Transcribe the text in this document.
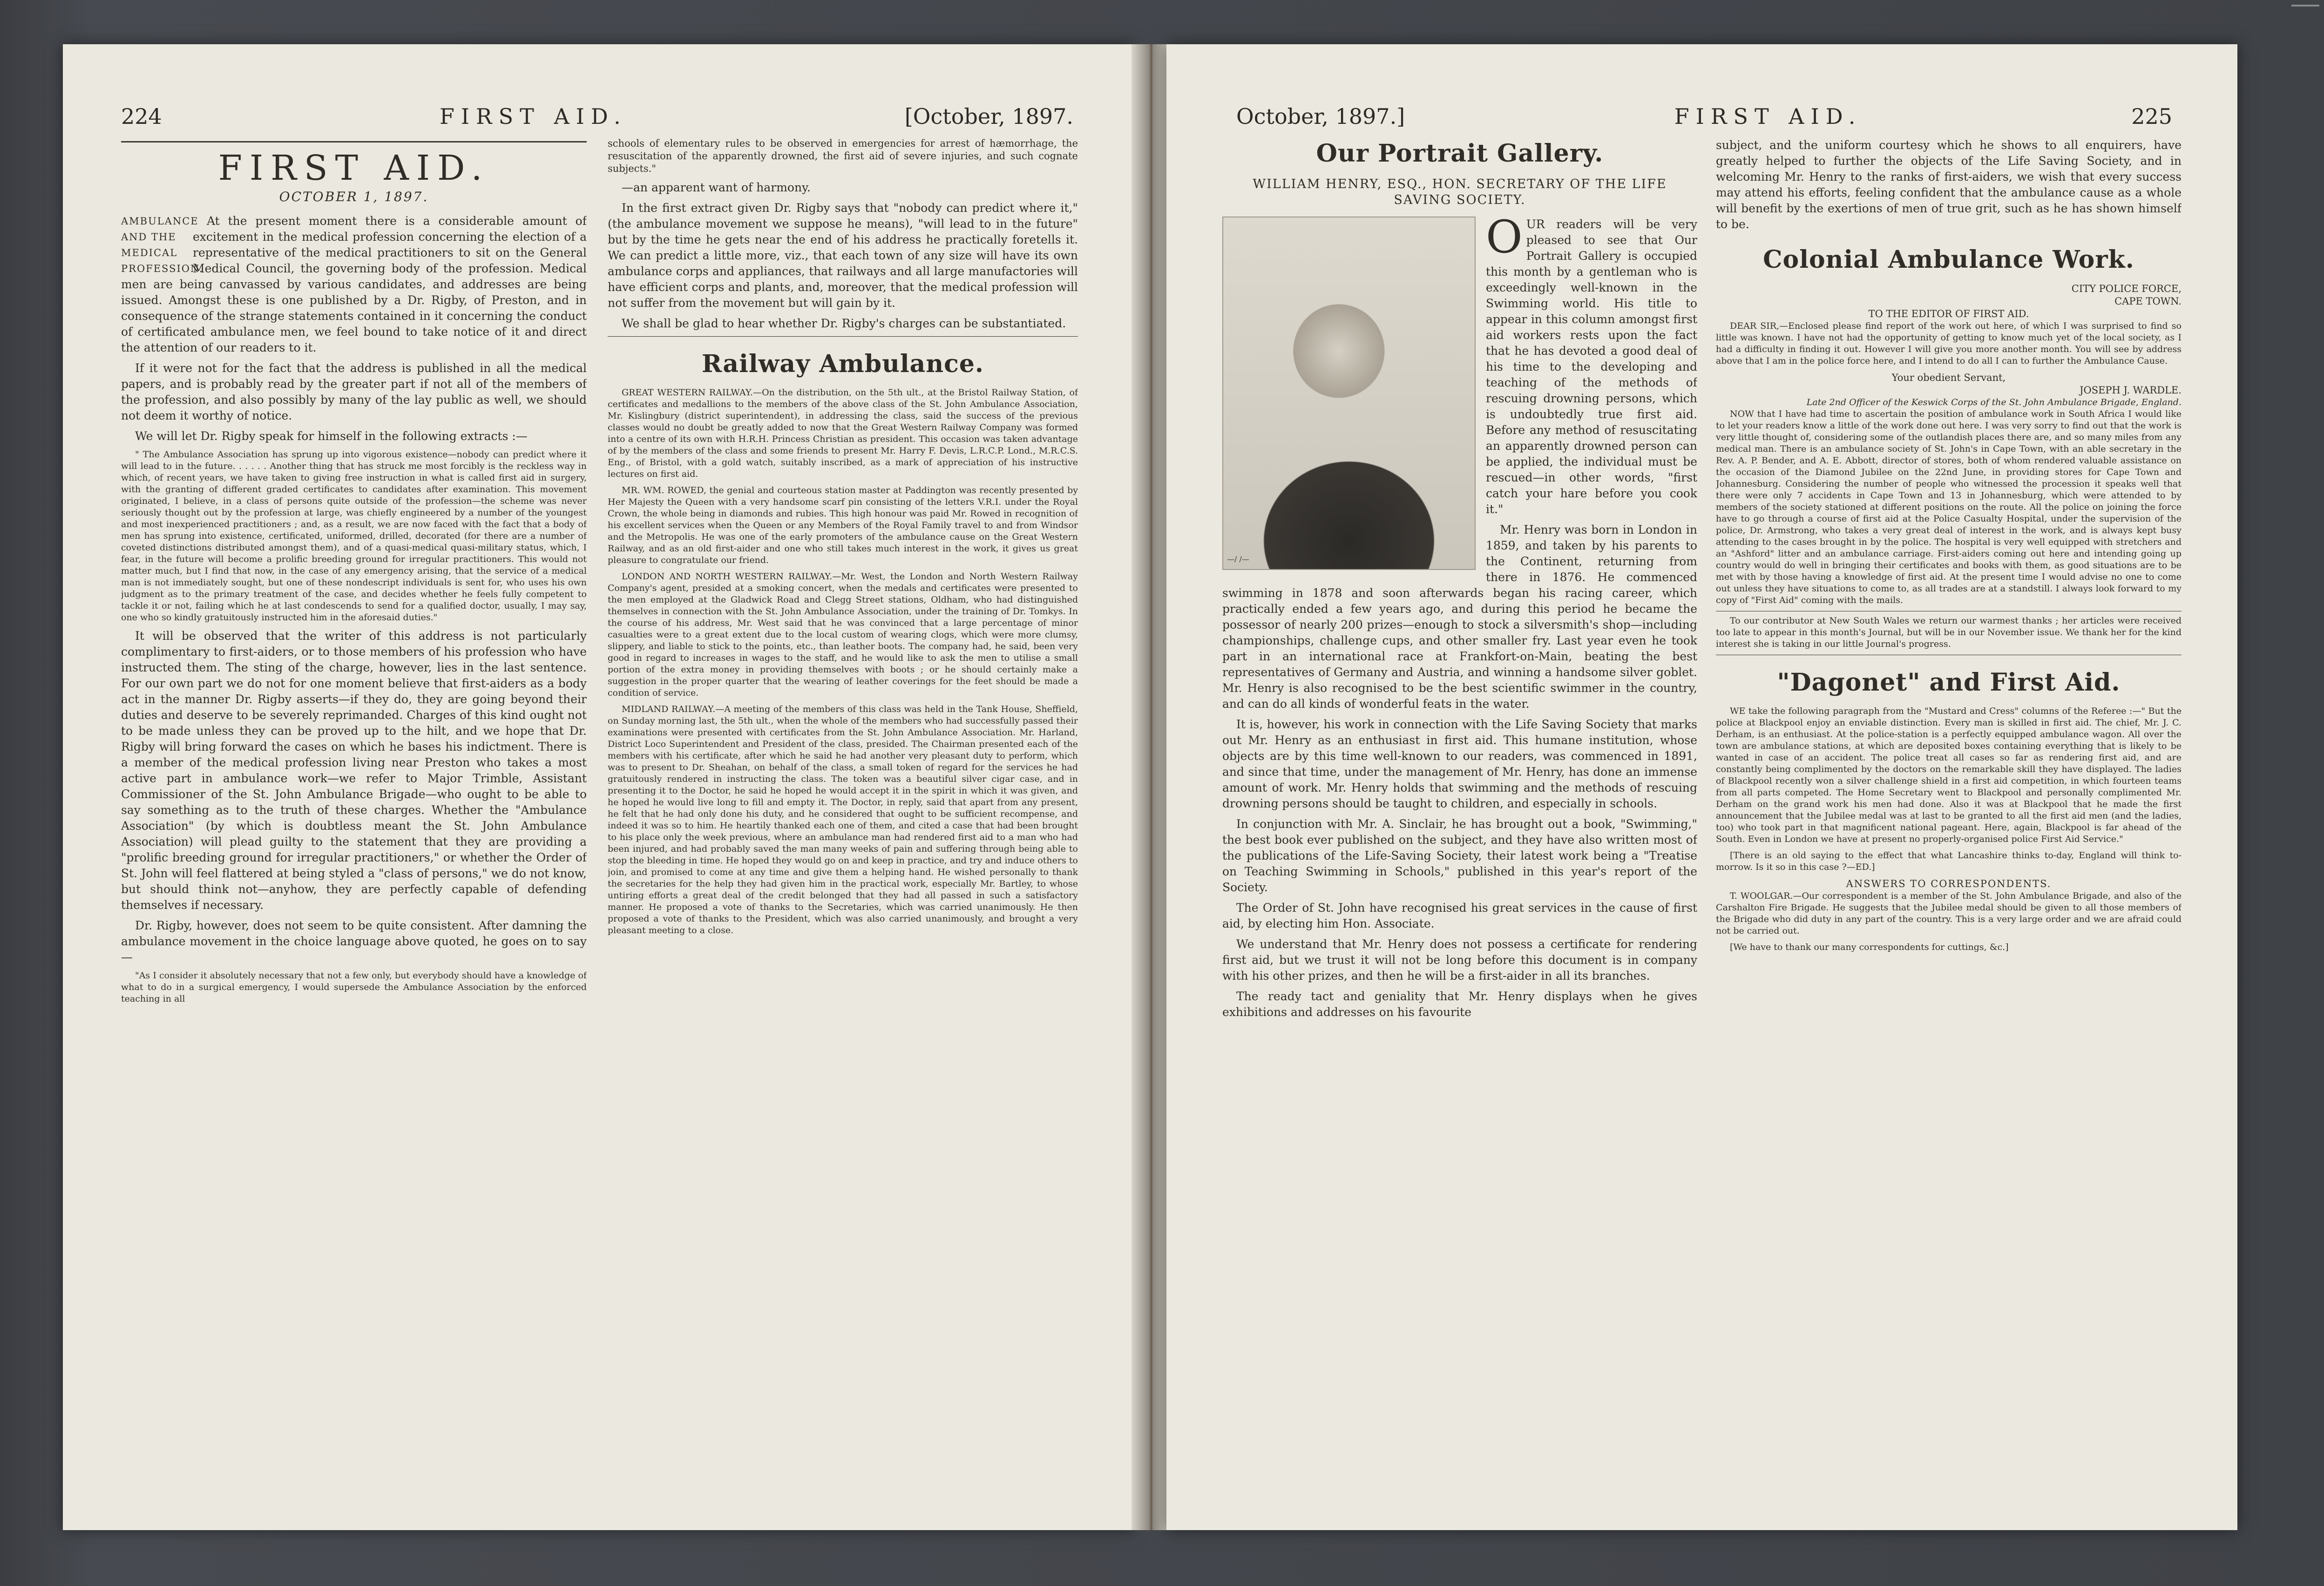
224	FIRST AID.	[October, 1897.
FIRST AID.
OCTOBER 1, 1897.
AMBULANCE AND THE MEDICAL PROFESSION.

At the present moment there is a considerable amount of excitement in the medical profession concerning the election of a representative of the medical practitioners to sit on the General Medical Council, the governing body of the profession. Medical men are being canvassed by various candidates, and addresses are being issued. Amongst these is one published by a Dr. Rigby, of Preston, and in consequence of the strange statements contained in it concerning the conduct of certificated ambulance men, we feel bound to take notice of it and direct the attention of our readers to it.

If it were not for the fact that the address is published in all the medical papers, and is probably read by the greater part if not all of the members of the profession, and also possibly by many of the lay public as well, we should not deem it worthy of notice.

We will let Dr. Rigby speak for himself in the following extracts :—

" The Ambulance Association has sprung up into vigorous existence—nobody can predict where it will lead to in the future. . . . . . Another thing that has struck me most forcibly is the reckless way in which, of recent years, we have taken to giving free instruction in what is called first aid in surgery, with the granting of different graded certificates to candidates after examination. This movement originated, I believe, in a class of persons quite outside of the profession—the scheme was never seriously thought out by the profession at large, was chiefly engineered by a number of the youngest and most inexperienced practitioners ; and, as a result, we are now faced with the fact that a body of men has sprung into existence, certificated, uniformed, drilled, decorated (for there are a number of coveted distinctions distributed amongst them), and of a quasi-medical quasi-military status, which, I fear, in the future will become a prolific breeding ground for irregular practitioners. This would not matter much, but I find that now, in the case of any emergency arising, that the service of a medical man is not immediately sought, but one of these nondescript individuals is sent for, who uses his own judgment as to the primary treatment of the case, and decides whether he feels fully competent to tackle it or not, failing which he at last condescends to send for a qualified doctor, usually, I may say, one who so kindly gratuitously instructed him in the aforesaid duties."

It will be observed that the writer of this address is not particularly complimentary to first-aiders, or to those members of his profession who have instructed them. The sting of the charge, however, lies in the last sentence. For our own part we do not for one moment believe that first-aiders as a body act in the manner Dr. Rigby asserts—if they do, they are going beyond their duties and deserve to be severely reprimanded. Charges of this kind ought not to be made unless they can be proved up to the hilt, and we hope that Dr. Rigby will bring forward the cases on which he bases his indictment. There is a member of the medical profession living near Preston who takes a most active part in ambulance work—we refer to Major Trimble, Assistant Commissioner of the St. John Ambulance Brigade—who ought to be able to say something as to the truth of these charges. Whether the "Ambulance Association" (by which is doubtless meant the St. John Ambulance Association) will plead guilty to the statement that they are providing a "prolific breeding ground for irregular practitioners," or whether the Order of St. John will feel flattered at being styled a "class of persons," we do not know, but should think not—anyhow, they are perfectly capable of defending themselves if necessary.

Dr. Rigby, however, does not seem to be quite consistent. After damning the ambulance movement in the choice language above quoted, he goes on to say—

"As I consider it absolutely necessary that not a few only, but everybody should have a knowledge of what to do in a surgical emergency, I would supersede the Ambulance Association by the enforced teaching in all

schools of elementary rules to be observed in emergencies for arrest of hæmorrhage, the resuscitation of the apparently drowned, the first aid of severe injuries, and such cognate subjects."

—an apparent want of harmony.

In the first extract given Dr. Rigby says that "nobody can predict where it," (the ambulance movement we suppose he means), "will lead to in the future" but by the time he gets near the end of his address he practically foretells it. We can predict a little more, viz., that each town of any size will have its own ambulance corps and appliances, that railways and all large manufactories will have efficient corps and plants, and, moreover, that the medical profession will not suffer from the movement but will gain by it.

We shall be glad to hear whether Dr. Rigby's charges can be substantiated.

Railway Ambulance.

GREAT WESTERN RAILWAY.—On the distribution, on the 5th ult., at the Bristol Railway Station, of certificates and medallions to the members of the above class of the St. John Ambulance Association, Mr. Kislingbury (district superintendent), in addressing the class, said the success of the previous classes would no doubt be greatly added to now that the Great Western Railway Company was formed into a centre of its own with H.R.H. Princess Christian as president. This occasion was taken advantage of by the members of the class and some friends to present Mr. Harry F. Devis, L.R.C.P. Lond., M.R.C.S. Eng., of Bristol, with a gold watch, suitably inscribed, as a mark of appreciation of his instructive lectures on first aid.

MR. WM. ROWED, the genial and courteous station master at Paddington was recently presented by Her Majesty the Queen with a very handsome scarf pin consisting of the letters V.R.I. under the Royal Crown, the whole being in diamonds and rubies. This high honour was paid Mr. Rowed in recognition of his excellent services when the Queen or any Members of the Royal Family travel to and from Windsor and the Metropolis. He was one of the early promoters of the ambulance cause on the Great Western Railway, and as an old first-aider and one who still takes much interest in the work, it gives us great pleasure to congratulate our friend.

LONDON AND NORTH WESTERN RAILWAY.—Mr. West, the London and North Western Railway Company's agent, presided at a smoking concert, when the medals and certificates were presented to the men employed at the Gladwick Road and Clegg Street stations, Oldham, who had distinguished themselves in connection with the St. John Ambulance Association, under the training of Dr. Tomkys. In the course of his address, Mr. West said that he was convinced that a large percentage of minor casualties were to a great extent due to the local custom of wearing clogs, which were more clumsy, slippery, and liable to stick to the points, etc., than leather boots. The company had, he said, been very good in regard to increases in wages to the staff, and he would like to ask the men to utilise a small portion of the extra money in providing themselves with boots ; or he should certainly make a suggestion in the proper quarter that the wearing of leather coverings for the feet should be made a condition of service.

MIDLAND RAILWAY.—A meeting of the members of this class was held in the Tank House, Sheffield, on Sunday morning last, the 5th ult., when the whole of the members who had successfully passed their examinations were presented with certificates from the St. John Ambulance Association. Mr. Harland, District Loco Superintendent and President of the class, presided. The Chairman presented each of the members with his certificate, after which he said he had another very pleasant duty to perform, which was to present to Dr. Sheahan, on behalf of the class, a small token of regard for the services he had gratuitously rendered in instructing the class. The token was a beautiful silver cigar case, and in presenting it to the Doctor, he said he hoped he would accept it in the spirit in which it was given, and he hoped he would live long to fill and empty it. The Doctor, in reply, said that apart from any present, he felt that he had only done his duty, and he considered that ought to be sufficient recompense, and indeed it was so to him. He heartily thanked each one of them, and cited a case that had been brought to his place only the week previous, where an ambulance man had rendered first aid to a man who had been injured, and had probably saved the man many weeks of pain and suffering through being able to stop the bleeding in time. He hoped they would go on and keep in practice, and try and induce others to join, and promised to come at any time and give them a helping hand. He wished personally to thank the secretaries for the help they had given him in the practical work, especially Mr. Bartley, to whose untiring efforts a great deal of the credit belonged that they had all passed in such a satisfactory manner. He proposed a vote of thanks to the Secretaries, which was carried unanimously. He then proposed a vote of thanks to the President, which was also carried unanimously, and brought a very pleasant meeting to a close.

October, 1897.]	FIRST AID.	225
Our Portrait Gallery.
WILLIAM HENRY, ESQ., HON. SECRETARY OF THE LIFE SAVING SOCIETY.
—/ /—

OUR readers will be very pleased to see that Our Portrait Gallery is occupied this month by a gentleman who is exceedingly well-known in the Swimming world. His title to appear in this column amongst first aid workers rests upon the fact that he has devoted a good deal of his time to the developing and teaching of the methods of rescuing drowning persons, which is undoubtedly true first aid. Before any method of resuscitating an apparently drowned person can be applied, the individual must be rescued—in other words, "first catch your hare before you cook it."

Mr. Henry was born in London in 1859, and taken by his parents to the Continent, returning from there in 1876. He commenced swimming in 1878 and soon afterwards began his racing career, which practically ended a few years ago, and during this period he became the possessor of nearly 200 prizes—enough to stock a silversmith's shop—including championships, challenge cups, and other smaller fry. Last year even he took part in an international race at Frankfort-on-Main, beating the best representatives of Germany and Austria, and winning a handsome silver goblet. Mr. Henry is also recognised to be the best scientific swimmer in the country, and can do all kinds of wonderful feats in the water.

It is, however, his work in connection with the Life Saving Society that marks out Mr. Henry as an enthusiast in first aid. This humane institution, whose objects are by this time well-known to our readers, was commenced in 1891, and since that time, under the management of Mr. Henry, has done an immense amount of work. Mr. Henry holds that swimming and the methods of rescuing drowning persons should be taught to children, and especially in schools.

In conjunction with Mr. A. Sinclair, he has brought out a book, "Swimming," the best book ever published on the subject, and they have also written most of the publications of the Life-Saving Society, their latest work being a "Treatise on Teaching Swimming in Schools," published in this year's report of the Society.

The Order of St. John have recognised his great services in the cause of first aid, by electing him Hon. Associate.

We understand that Mr. Henry does not possess a certificate for rendering first aid, but we trust it will not be long before this document is in company with his other prizes, and then he will be a first-aider in all its branches.

The ready tact and geniality that Mr. Henry displays when he gives exhibitions and addresses on his favourite

subject, and the uniform courtesy which he shows to all enquirers, have greatly helped to further the objects of the Life Saving Society, and in welcoming Mr. Henry to the ranks of first-aiders, we wish that every success may attend his efforts, feeling confident that the ambulance cause as a whole will benefit by the exertions of men of true grit, such as he has shown himself to be.

Colonial Ambulance Work.
CITY POLICE FORCE,
CAPE TOWN.
TO THE EDITOR OF FIRST AID.

DEAR SIR,—Enclosed please find report of the work out here, of which I was surprised to find so little was known. I have not had the opportunity of getting to know much yet of the local society, as I had a difficulty in finding it out. However I will give you more another month. You will see by address above that I am in the police force here, and I intend to do all I can to further the Ambulance Cause.

Your obedient Servant,
JOSEPH J. WARDLE.
Late 2nd Officer of the Keswick Corps of the St. John Ambulance Brigade, England.

NOW that I have had time to ascertain the position of ambulance work in South Africa I would like to let your readers know a little of the work done out here. I was very sorry to find out that the work is very little thought of, considering some of the outlandish places there are, and so many miles from any medical man. There is an ambulance society of St. John's in Cape Town, with an able secretary in the Rev. A. P. Bender, and A. E. Abbott, director of stores, both of whom rendered valuable assistance on the occasion of the Diamond Jubilee on the 22nd June, in providing stores for Cape Town and Johannesburg. Considering the number of people who witnessed the procession it speaks well that there were only 7 accidents in Cape Town and 13 in Johannesburg, which were attended to by members of the society stationed at different positions on the route. All the police on joining the force have to go through a course of first aid at the Police Casualty Hospital, under the supervision of the police, Dr. Armstrong, who takes a very great deal of interest in the work, and is always kept busy attending to the cases brought in by the police. The hospital is very well equipped with stretchers and an "Ashford" litter and an ambulance carriage. First-aiders coming out here and intending going up country would do well in bringing their certificates and books with them, as good situations are to be met with by those having a knowledge of first aid. At the present time I would advise no one to come out unless they have situations to come to, as all trades are at a standstill. I always look forward to my copy of "First Aid" coming with the mails.

To our contributor at New South Wales we return our warmest thanks ; her articles were received too late to appear in this month's Journal, but will be in our November issue. We thank her for the kind interest she is taking in our little Journal's progress.

"Dagonet" and First Aid.

WE take the following paragraph from the "Mustard and Cress" columns of the Referee :—" But the police at Blackpool enjoy an enviable distinction. Every man is skilled in first aid. The chief, Mr. J. C. Derham, is an enthusiast. At the police-station is a perfectly equipped ambulance wagon. All over the town are ambulance stations, at which are deposited boxes containing everything that is likely to be wanted in case of an accident. The police treat all cases so far as rendering first aid, and are constantly being complimented by the doctors on the remarkable skill they have displayed. The ladies of Blackpool recently won a silver challenge shield in a first aid competition, in which fourteen teams from all parts competed. The Home Secretary went to Blackpool and personally complimented Mr. Derham on the grand work his men had done. Also it was at Blackpool that he made the first announcement that the Jubilee medal was at last to be granted to all the first aid men (and the ladies, too) who took part in that magnificent national pageant. Here, again, Blackpool is far ahead of the South. Even in London we have at present no properly-organised police First Aid Service."

[There is an old saying to the effect that what Lancashire thinks to-day, England will think to-morrow. Is it so in this case ?—ED.]

ANSWERS TO CORRESPONDENTS.

T. WOOLGAR.—Our correspondent is a member of the St. John Ambulance Brigade, and also of the Carshalton Fire Brigade. He suggests that the Jubilee medal should be given to all those members of the Brigade who did duty in any part of the country. This is a very large order and we are afraid could not be carried out.

[We have to thank our many correspondents for cuttings, &c.]
